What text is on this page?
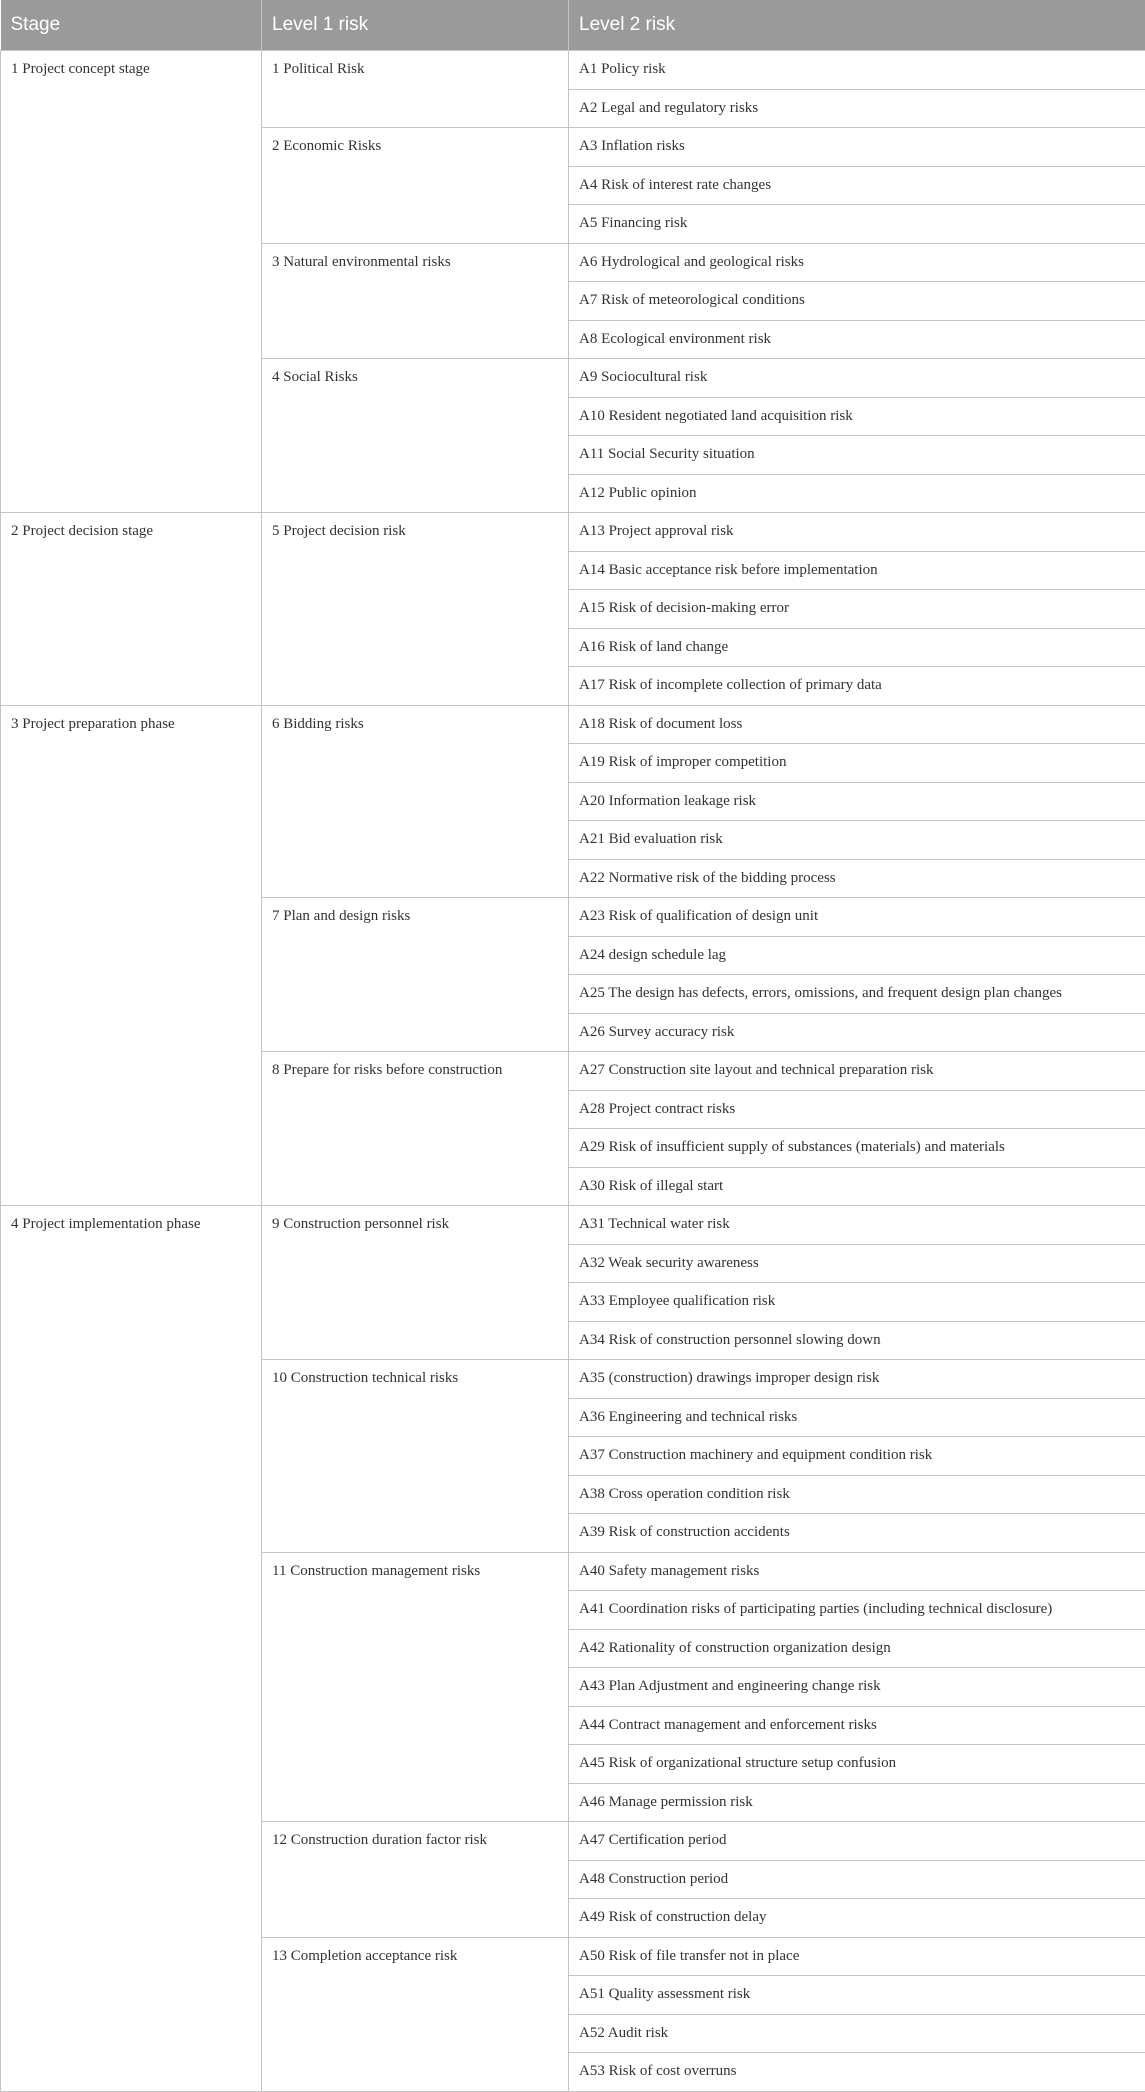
Stage	Level 1 risk	Level 2 risk
1 Project concept stage	1 Political Risk	A1 Policy risk
		A2 Legal and regulatory risks
	2 Economic Risks	A3 Inflation risks
		A4 Risk of interest rate changes
		A5 Financing risk
	3 Natural environmental risks	A6 Hydrological and geological risks
		A7 Risk of meteorological conditions
		A8 Ecological environment risk
	4 Social Risks	A9 Sociocultural risk
		A10 Resident negotiated land acquisition risk
		A11 Social Security situation
		A12 Public opinion
2 Project decision stage	5 Project decision risk	A13 Project approval risk
		A14 Basic acceptance risk before implementation
		A15 Risk of decision-making error
		A16 Risk of land change
		A17 Risk of incomplete collection of primary data
3 Project preparation phase	6 Bidding risks	A18 Risk of document loss
		A19 Risk of improper competition
		A20 Information leakage risk
		A21 Bid evaluation risk
		A22 Normative risk of the bidding process
	7 Plan and design risks	A23 Risk of qualification of design unit
		A24 design schedule lag
		A25 The design has defects, errors, omissions, and frequent design plan changes
		A26 Survey accuracy risk
	8 Prepare for risks before construction	A27 Construction site layout and technical preparation risk
		A28 Project contract risks
		A29 Risk of insufficient supply of substances (materials) and materials
		A30 Risk of illegal start
4 Project implementation phase	9 Construction personnel risk	A31 Technical water risk
		A32 Weak security awareness
		A33 Employee qualification risk
		A34 Risk of construction personnel slowing down
	10 Construction technical risks	A35 (construction) drawings improper design risk
		A36 Engineering and technical risks
		A37 Construction machinery and equipment condition risk
		A38 Cross operation condition risk
		A39 Risk of construction accidents
	11 Construction management risks	A40 Safety management risks
		A41 Coordination risks of participating parties (including technical disclosure)
		A42 Rationality of construction organization design
		A43 Plan Adjustment and engineering change risk
		A44 Contract management and enforcement risks
		A45 Risk of organizational structure setup confusion
		A46 Manage permission risk
	12 Construction duration factor risk	A47 Certification period
		A48 Construction period
		A49 Risk of construction delay
	13 Completion acceptance risk	A50 Risk of file transfer not in place
		A51 Quality assessment risk
		A52 Audit risk
		A53 Risk of cost overruns
